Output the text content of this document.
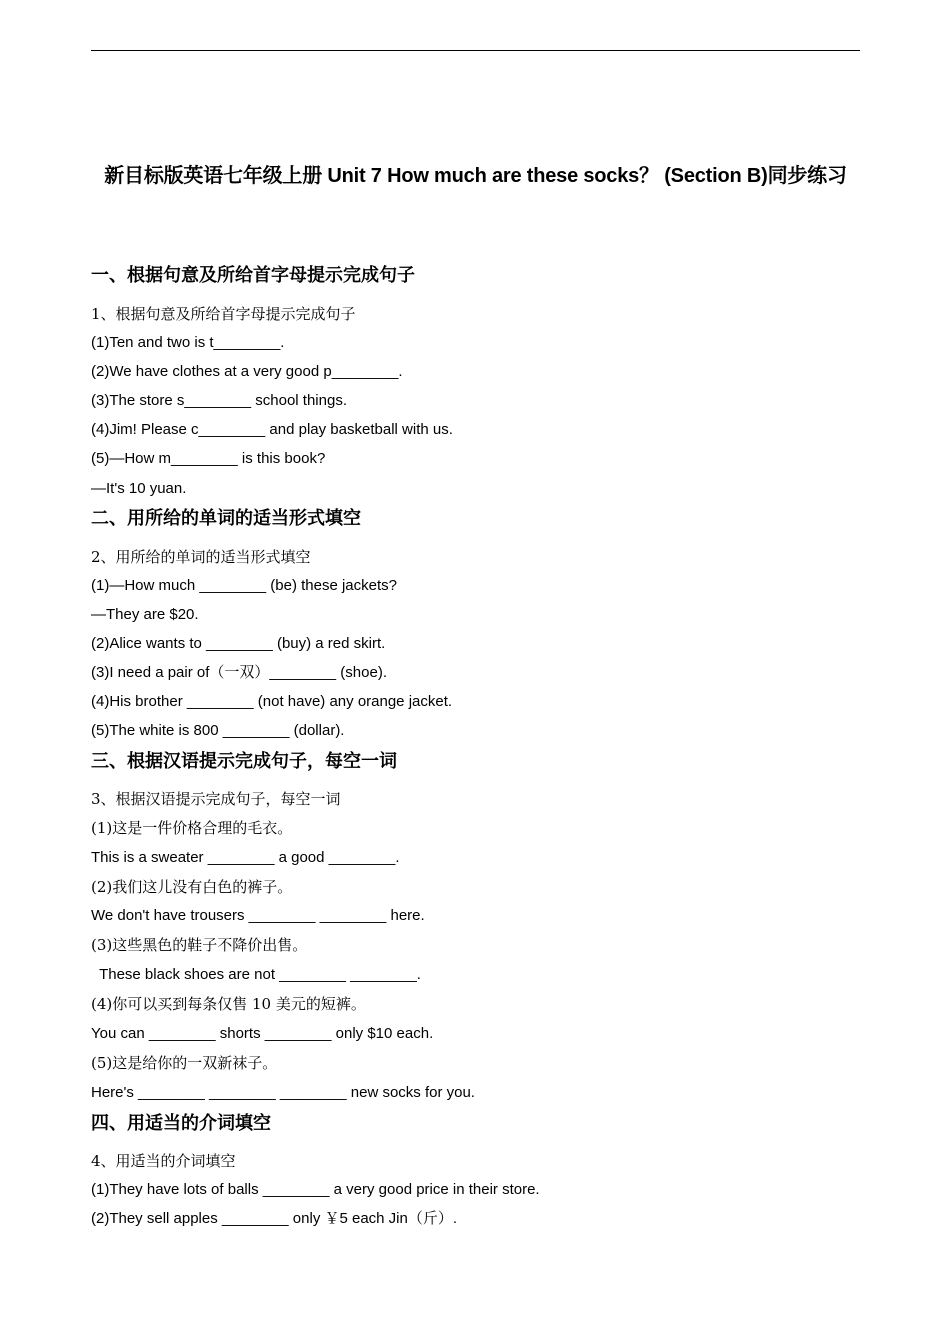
新目标版英语七年级上册 Unit 7 How much are these socks？ (Section B)同步练习
一、根据句意及所给首字母提示完成句子
1、根据句意及所给首字母提示完成句子
(1)Ten and two is t________.
(2)We have clothes at a very good p________.
(3)The store s________ school things.
(4)Jim! Please c________ and play basketball with us.
(5)—How m________ is this book?
—It's 10 yuan.
二、用所给的单词的适当形式填空
2、用所给的单词的适当形式填空
(1)—How much ________ (be) these jackets?
—They are $20.
(2)Alice wants to ________ (buy) a red skirt.
(3)I need a pair of（一双）________ (shoe).
(4)His brother ________ (not have) any orange jacket.
(5)The white is 800 ________ (dollar).
三、根据汉语提示完成句子，每空一词
3、根据汉语提示完成句子，每空一词
(1)这是一件价格合理的毛衣。
This is a sweater ________ a good ________.
(2)我们这儿没有白色的裤子。
We don't have trousers ________ ________ here.
(3)这些黑色的鞋子不降价出售。
These black shoes are not ________ ________.
(4)你可以买到每条仅售 10 美元的短裤。
You can ________ shorts ________ only $10 each.
(5)这是给你的一双新袜子。
Here's ________ ________ ________ new socks for you.
四、用适当的介词填空
4、用适当的介词填空
(1)They have lots of balls ________ a very good price in their store.
(2)They sell apples ________ only ￥5 each Jin（斤）.
